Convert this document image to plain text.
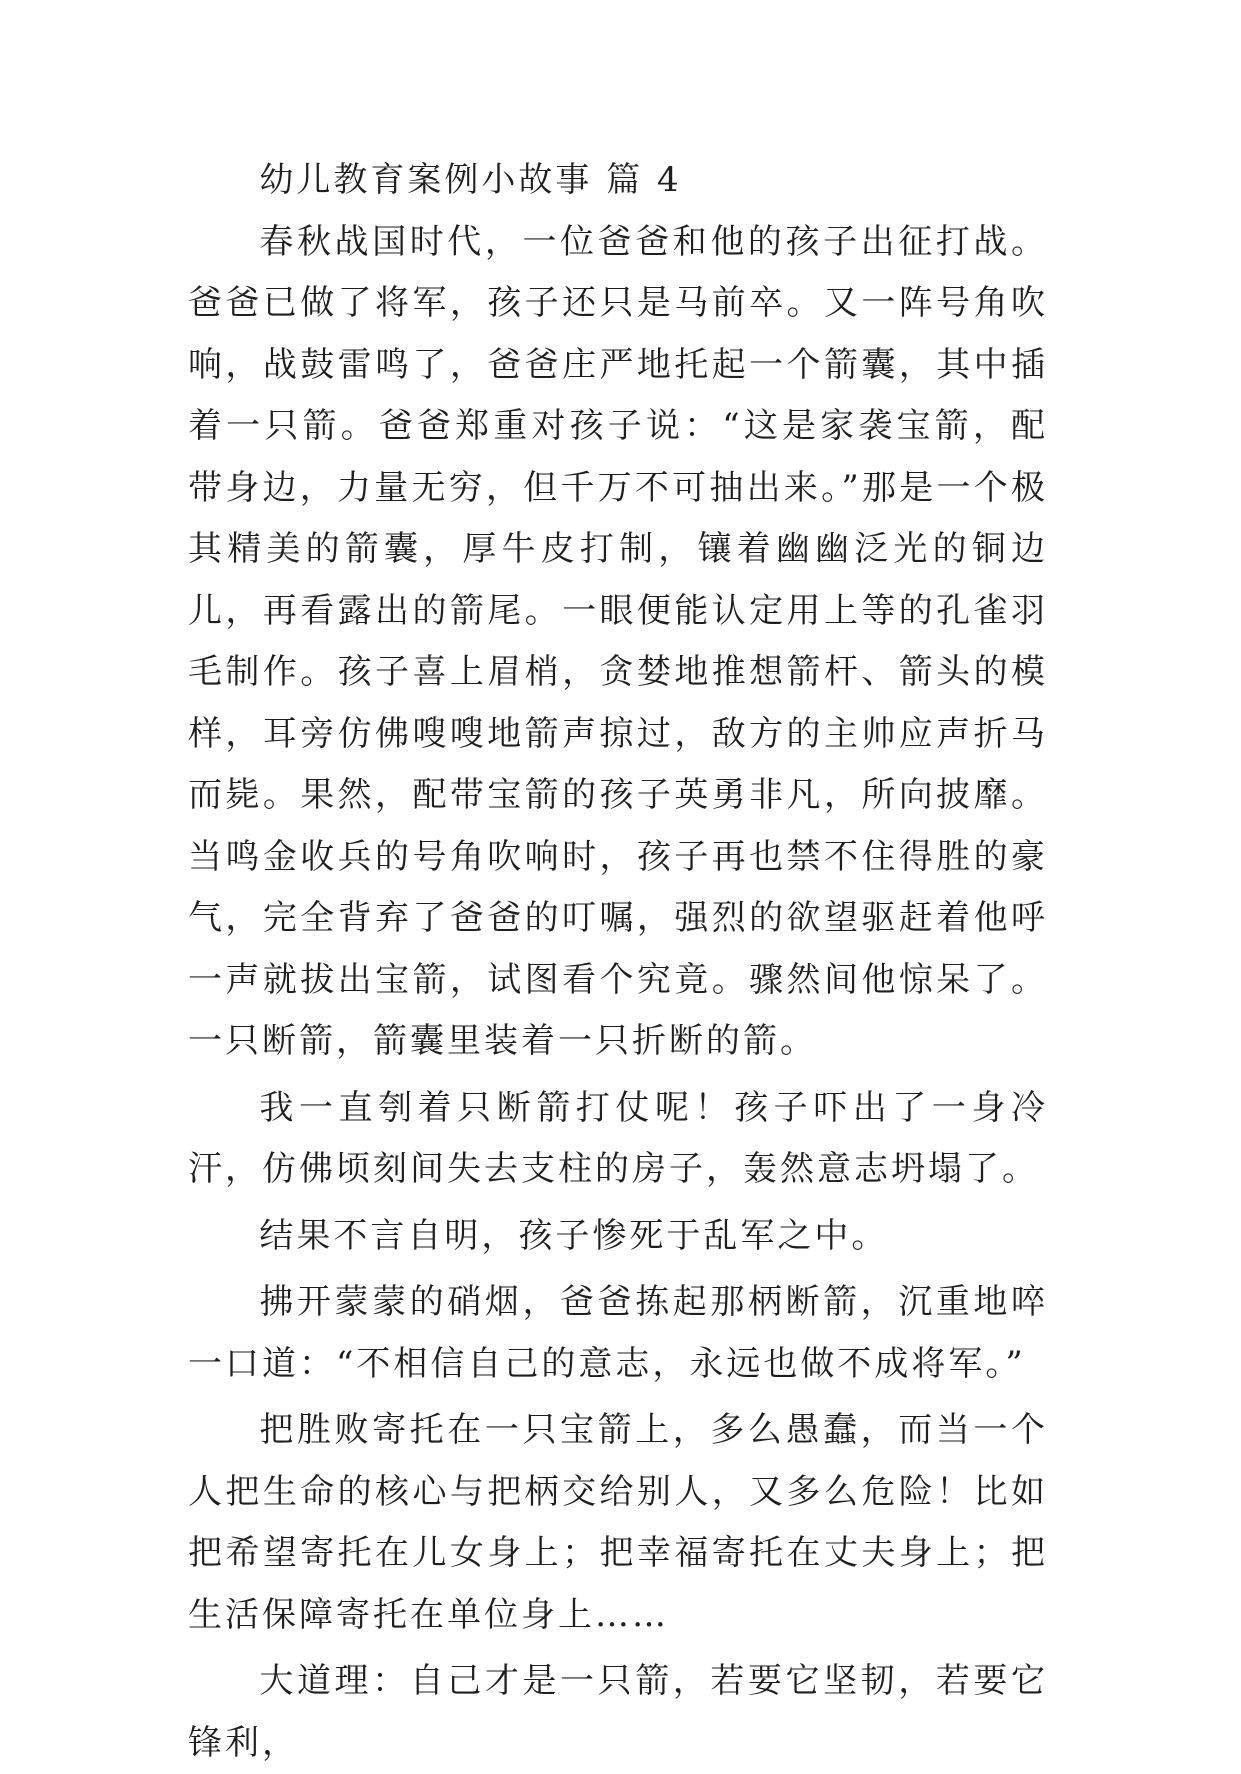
幼儿教育案例小故事 篇 4

春秋战国时代，一位爸爸和他的孩子出征打战。爸爸已做了将军，孩子还只是马前卒。又一阵号角吹响，战鼓雷鸣了，爸爸庄严地托起一个箭囊，其中插着一只箭。爸爸郑重对孩子说：“这是家袭宝箭，配带身边，力量无穷，但千万不可抽出来。”那是一个极其精美的箭囊，厚牛皮打制，镶着幽幽泛光的铜边儿，再看露出的箭尾。一眼便能认定用上等的孔雀羽毛制作。孩子喜上眉梢，贪婪地推想箭杆、箭头的模样，耳旁仿佛嗖嗖地箭声掠过，敌方的主帅应声折马而毙。果然，配带宝箭的孩子英勇非凡，所向披靡。当鸣金收兵的号角吹响时，孩子再也禁不住得胜的豪气，完全背弃了爸爸的叮嘱，强烈的欲望驱赶着他呼一声就拔出宝箭，试图看个究竟。骤然间他惊呆了。一只断箭，箭囊里装着一只折断的箭。

我一直刳着只断箭打仗呢！孩子吓出了一身冷汗，仿佛顷刻间失去支柱的房子，轰然意志坍塌了。

结果不言自明，孩子惨死于乱军之中。

拂开蒙蒙的硝烟，爸爸拣起那柄断箭，沉重地啐一口道：“不相信自己的意志，永远也做不成将军。”

把胜败寄托在一只宝箭上，多么愚蠢，而当一个人把生命的核心与把柄交给别人，又多么危险！比如把希望寄托在儿女身上；把幸福寄托在丈夫身上；把生活保障寄托在单位身上……

大道理：自己才是一只箭，若要它坚韧，若要它锋利，
